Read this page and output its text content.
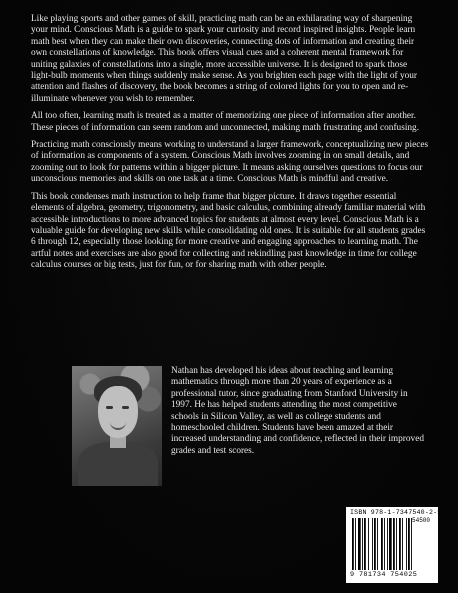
Like playing sports and other games of skill, practicing math can be an exhilarating way of sharpening your mind. Conscious Math is a guide to spark your curiosity and record inspired insights. People learn math best when they can make their own discoveries, connecting dots of information and creating their own constellations of knowledge. This book offers visual cues and a coherent mental framework for uniting galaxies of constellations into a single, more accessible universe. It is designed to spark those light-bulb moments when things suddenly make sense. As you brighten each page with the light of your attention and flashes of discovery, the book becomes a string of colored lights for you to open and re-illuminate whenever you wish to remember.

All too often, learning math is treated as a matter of memorizing one piece of information after another. These pieces of information can seem random and unconnected, making math frustrating and confusing.

Practicing math consciously means working to understand a larger framework, conceptualizing new pieces of information as components of a system. Conscious Math involves zooming in on small details, and zooming out to look for patterns within a bigger picture. It means asking ourselves questions to focus our unconscious memories and skills on one task at a time. Conscious Math is mindful and creative.

This book condenses math instruction to help frame that bigger picture. It draws together essential elements of algebra, geometry, trigonometry, and basic calculus, combining already familiar material with accessible introductions to more advanced topics for students at almost every level. Conscious Math is a valuable guide for developing new skills while consolidating old ones. It is suitable for all students grades 6 through 12, especially those looking for more creative and engaging approaches to learning math. The artful notes and exercises are also good for collecting and rekindling past knowledge in time for college calculus courses or big tests, just for fun, or for sharing math with other people.

Nathan has developed his ideas about teaching and learning mathematics through more than 20 years of experience as a professional tutor, since graduating from Stanford University in 1997. He has helped students attending the most competitive schools in Silicon Valley, as well as college students and homeschooled children. Students have been amazed at their increased understanding and confidence, reflected in their improved grades and test scores.
ISBN 978-1-7347540-2-5
54500
9 781734 754025
